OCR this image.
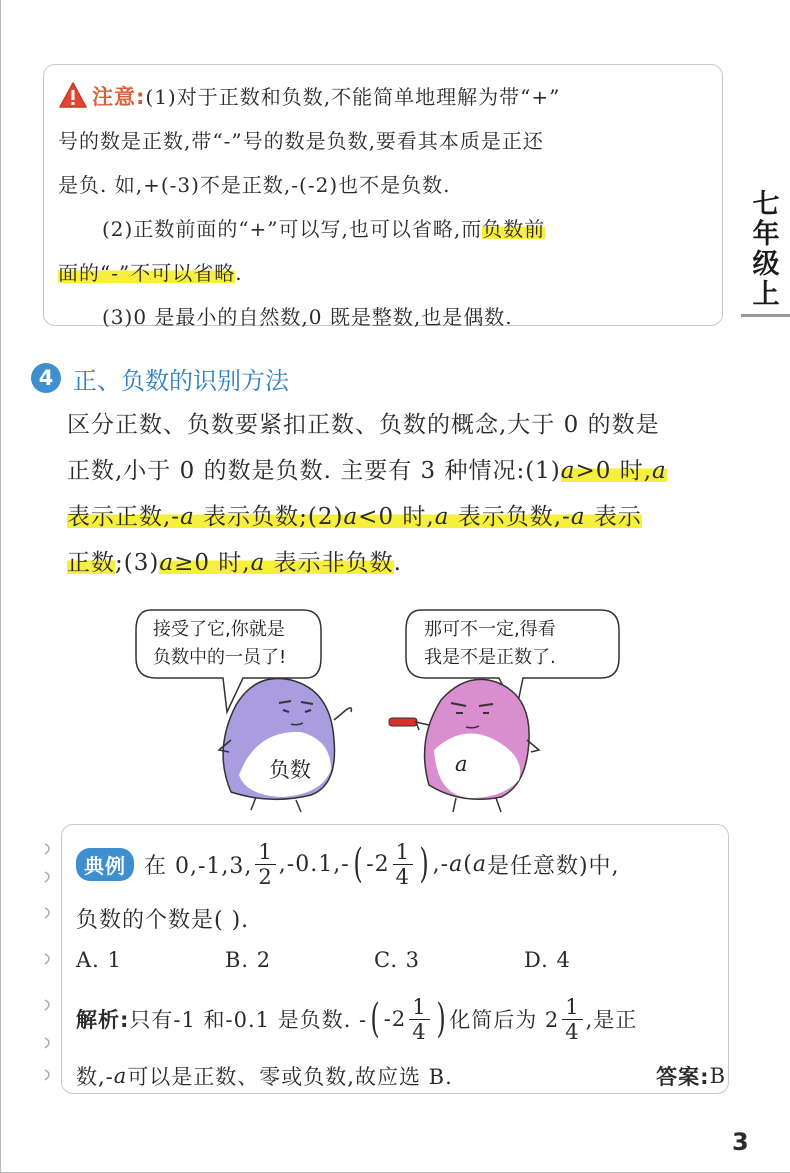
七
年
级
上
注意:(1)对于正数和负数,不能简单地理解为带“+”
号的数是正数,带“-”号的数是负数,要看其本质是正还
是负. 如,+(-3)不是正数,-(-2)也不是负数.
(2)正数前面的“+”可以写,也可以省略,而负数前
面的“-”不可以省略.
(3)0 是最小的自然数,0 既是整数,也是偶数.
4 正、负数的识别方法
区分正数、负数要紧扣正数、负数的概念,大于 0 的数是
正数,小于 0 的数是负数. 主要有 3 种情况:(1)a>0 时,a
表示正数,-a 表示负数;(2)a<0 时,a 表示负数,-a 表示
正数;(3)a≥0 时,a 表示非负数.
接受了它,你就是
负数中的一员了!
那可不一定,得看
我是不是正数了.
负数	a
典例 在 0,-1,3, $\frac{1}{2} ,-0.1,-$ ( $-2 \frac{1}{4}$ ) ,- a ( a 是任意数)中,
负数的个数是( ).
A. 1	B. 2	C. 3	D. 4
解析: 只有-1 和-0.1 是负数. - ( $-2 \frac{1}{4}$ ) 化简后为 $2 \frac{1}{4}$ ,是正
数,- a 可以是正数、零或负数,故应选 B.	答案: B
3
